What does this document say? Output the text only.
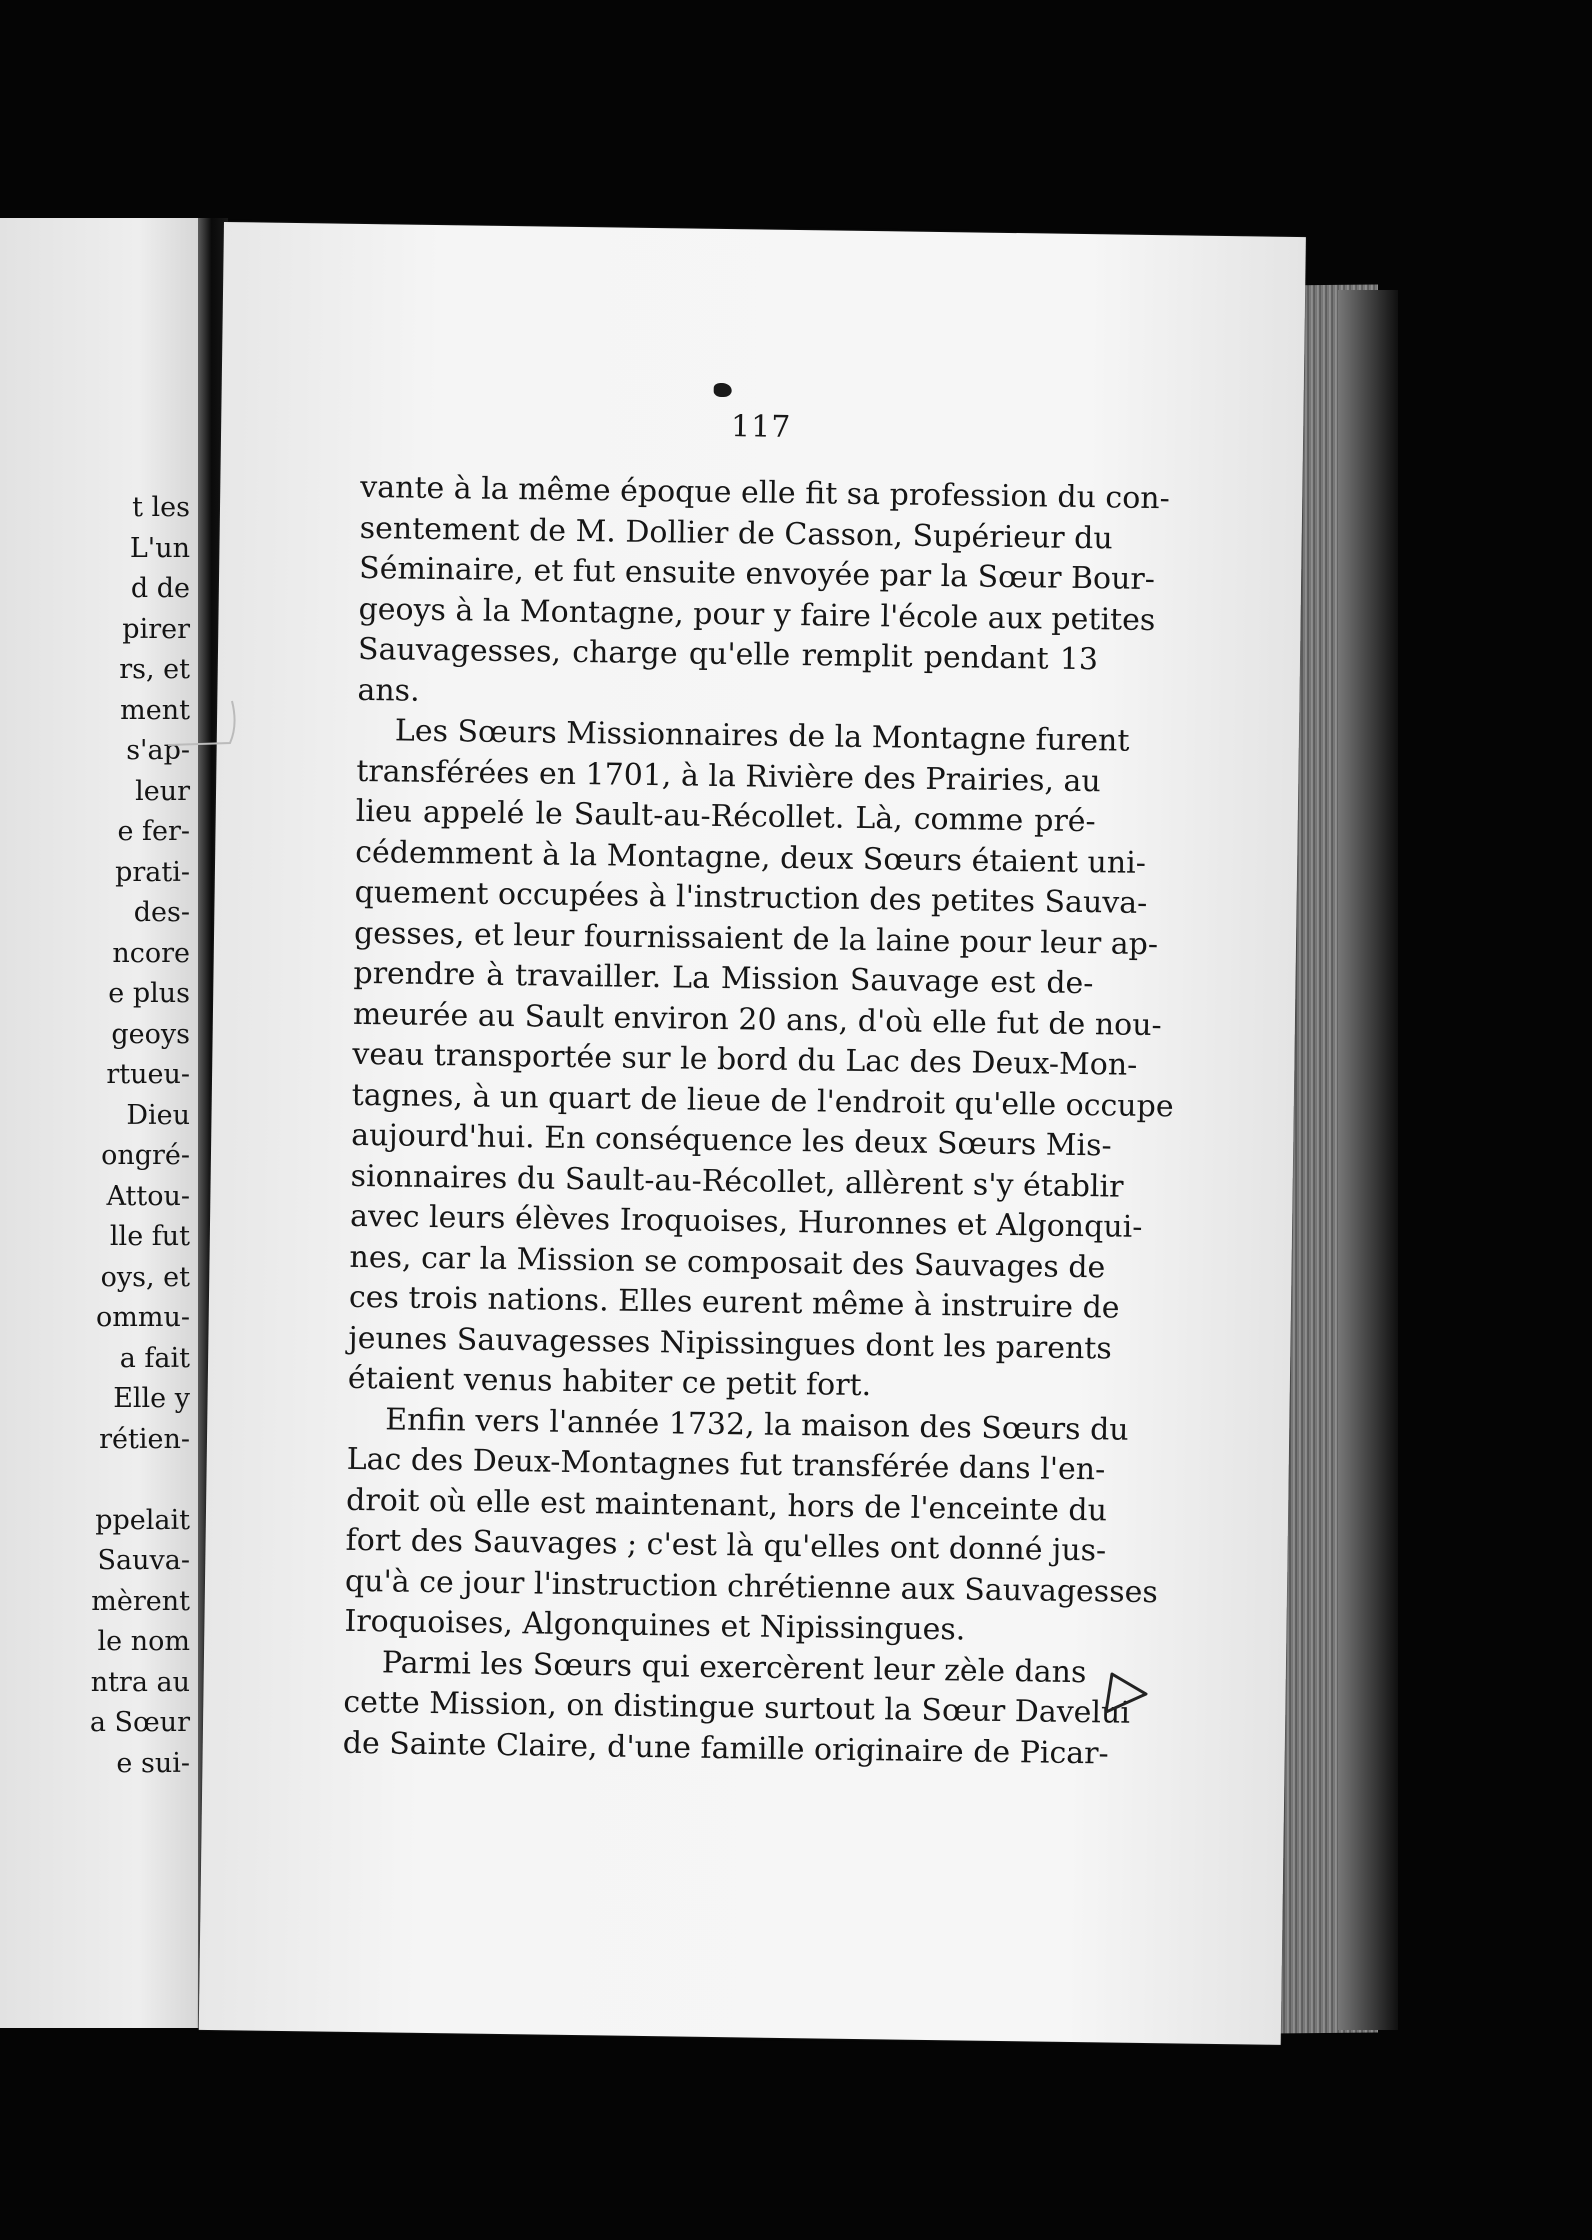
t les
L'un
d de
pirer
rs, et
ment
s'ap-
leur
e fer-
prati-
des-
ncore
e plus
geoys
rtueu-
Dieu
ongré-
Attou-
lle fut
oys, et
ommu-
a fait
Elle y
rétien-
ppelait
Sauva-
mèrent
le nom
ntra au
a Sœur
e sui-
117
vante à la même époque elle fit sa profession du con-
sentement de M. Dollier de Casson, Supérieur du
Séminaire, et fut ensuite envoyée par la Sœur Bour-
geoys à la Montagne, pour y faire l'école aux petites
Sauvagesses, charge qu'elle remplit pendant 13
ans.
Les Sœurs Missionnaires de la Montagne furent
transférées en 1701, à la Rivière des Prairies, au
lieu appelé le Sault-au-Récollet. Là, comme pré-
cédemment à la Montagne, deux Sœurs étaient uni-
quement occupées à l'instruction des petites Sauva-
gesses, et leur fournissaient de la laine pour leur ap-
prendre à travailler. La Mission Sauvage est de-
meurée au Sault environ 20 ans, d'où elle fut de nou-
veau transportée sur le bord du Lac des Deux-Mon-
tagnes, à un quart de lieue de l'endroit qu'elle occupe
aujourd'hui. En conséquence les deux Sœurs Mis-
sionnaires du Sault-au-Récollet, allèrent s'y établir
avec leurs élèves Iroquoises, Huronnes et Algonqui-
nes, car la Mission se composait des Sauvages de
ces trois nations. Elles eurent même à instruire de
jeunes Sauvagesses Nipissingues dont les parents
étaient venus habiter ce petit fort.
Enfin vers l'année 1732, la maison des Sœurs du
Lac des Deux-Montagnes fut transférée dans l'en-
droit où elle est maintenant, hors de l'enceinte du
fort des Sauvages ; c'est là qu'elles ont donné jus-
qu'à ce jour l'instruction chrétienne aux Sauvagesses
Iroquoises, Algonquines et Nipissingues.
Parmi les Sœurs qui exercèrent leur zèle dans
cette Mission, on distingue surtout la Sœur Davelui
de Sainte Claire, d'une famille originaire de Picar-
